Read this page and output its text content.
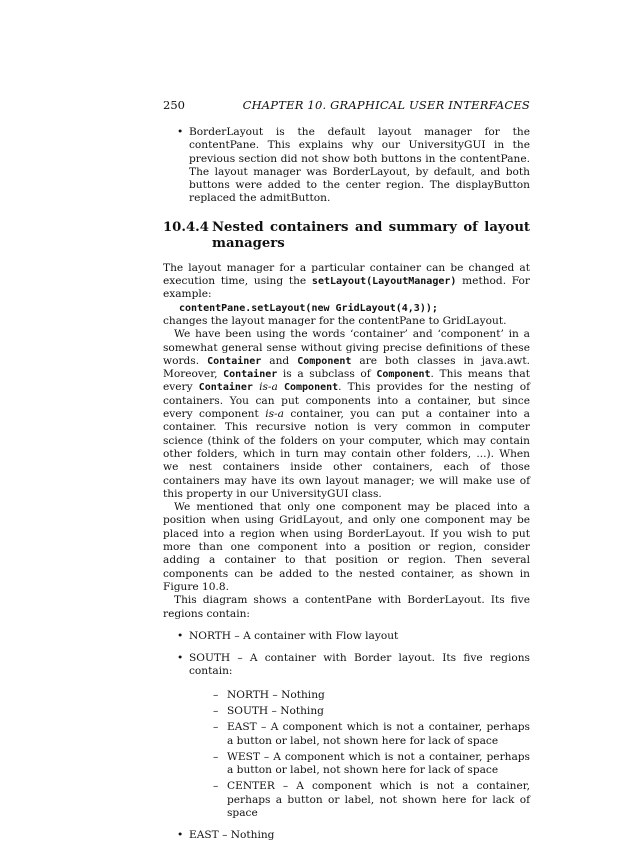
250	CHAPTER 10. GRAPHICAL USER INTERFACES

• BorderLayout is the default layout manager for the contentPane. This explains why our UniversityGUI in the previous section did not show both buttons in the contentPane. The layout manager was BorderLayout, by default, and both buttons were added to the center region. The displayButton replaced the admitButton.

10.4.4 Nested containers and summary of layout managers

The layout manager for a particular container can be changed at execution time, using the setLayout(LayoutManager) method. For example:

contentPane.setLayout(new GridLayout(4,3));

changes the layout manager for the contentPane to GridLayout.

We have been using the words ‘container’ and ‘component’ in a somewhat general sense without giving precise definitions of these words. Container and Component are both classes in java.awt. Moreover, Container is a subclass of Component. This means that every Container is-a Component. This provides for the nesting of containers. You can put components into a container, but since every component is-a container, you can put a container into a container. This recursive notion is very common in computer science (think of the folders on your computer, which may contain other folders, which in turn may contain other folders, ...). When we nest containers inside other containers, each of those containers may have its own layout manager; we will make use of this property in our UniversityGUI class.

We mentioned that only one component may be placed into a position when using GridLayout, and only one component may be placed into a region when using BorderLayout. If you wish to put more than one component into a position or region, consider adding a container to that position or region. Then several components can be added to the nested container, as shown in Figure 10.8.

This diagram shows a contentPane with BorderLayout. Its five regions contain:

• NORTH – A container with Flow layout
• SOUTH – A container with Border layout. Its five regions contain:
– NORTH – Nothing
– SOUTH – Nothing
– EAST – A component which is not a container, perhaps a button or label, not shown here for lack of space
– WEST – A component which is not a container, perhaps a button or label, not shown here for lack of space
– CENTER – A component which is not a container, perhaps a button or label, not shown here for lack of space
• EAST – Nothing
